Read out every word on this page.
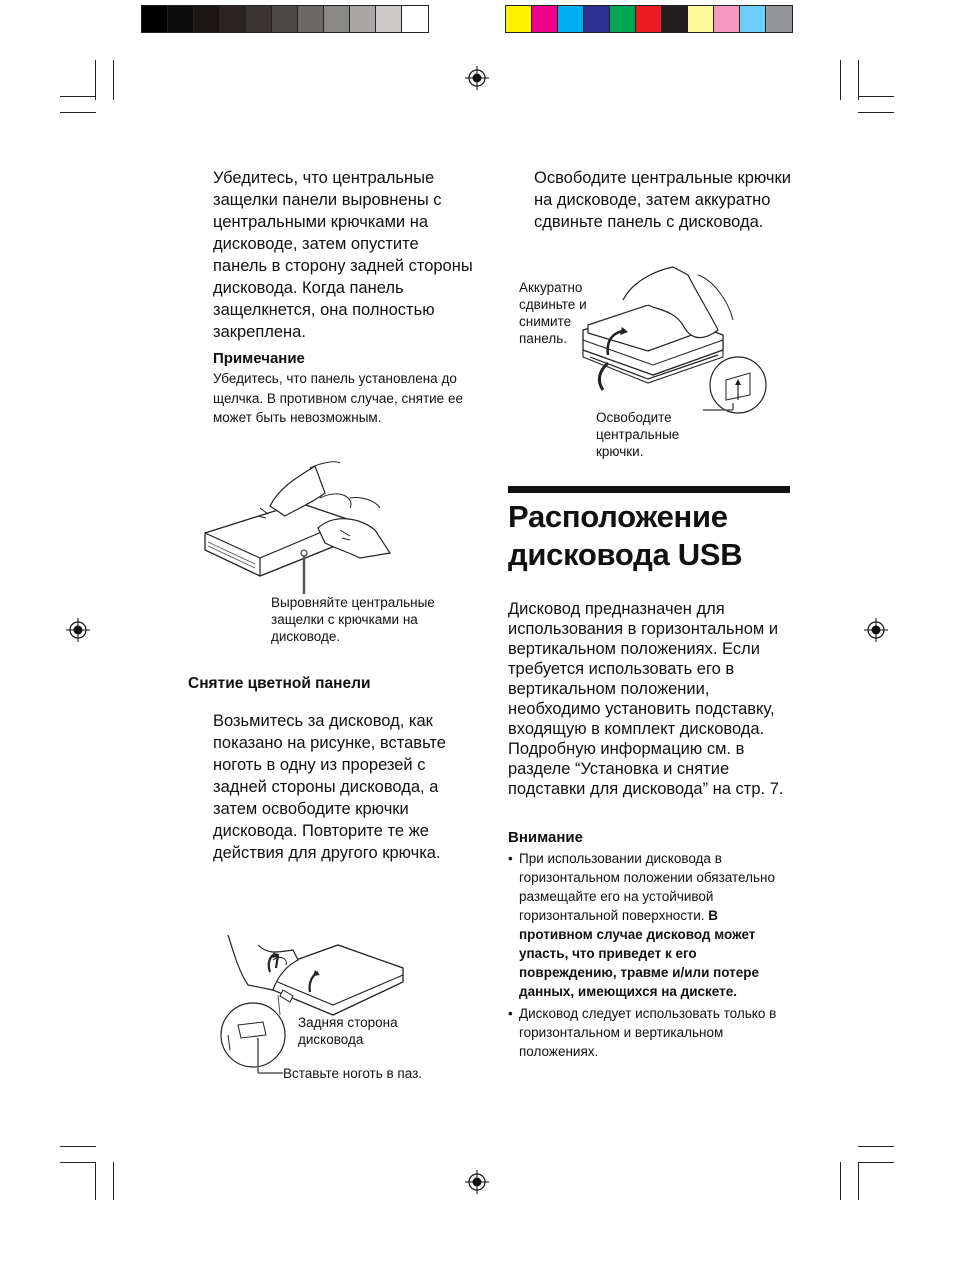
Убедитесь, что центральные защелки панели выровнены с центральными крючками на дисководе, затем опустите панель в сторону задней стороны дисковода. Когда панель защелкнется, она полностью закреплена.

Примечание

Убедитесь, что панель установлена до щелчка. В противном случае, снятие ее может быть невозможным.

Выровняйте центральные защелки с крючками на дисководе.

Снятие цветной панели

Возьмитесь за дисковод, как показано на рисунке, вставьте ноготь в одну из прорезей с задней стороны дисковода, а затем освободите крючки дисковода. Повторите те же действия для другого крючка.

Задняя сторона дисковода

Вставьте ноготь в паз.

Освободите центральные крючки на дисководе, затем аккуратно сдвиньте панель с дисковода.

Аккуратно сдвиньте и снимите панель.

Освободите центральные крючки.

Расположение дисковода USB

Дисковод предназначен для использования в горизонтальном и вертикальном положениях. Если требуется использовать его в вертикальном положении, необходимо установить подставку, входящую в комплект дисковода. Подробную информацию см. в разделе “Установка и снятие подставки для дисковода” на стр. 7.

Внимание

• При использовании дисковода в горизонтальном положении обязательно размещайте его на устойчивой горизонтальной поверхности. В противном случае дисковод может упасть, что приведет к его повреждению, травме и/или потере данных, имеющихся на дискете.
• Дисковод следует использовать только в горизонтальном и вертикальном положениях.
